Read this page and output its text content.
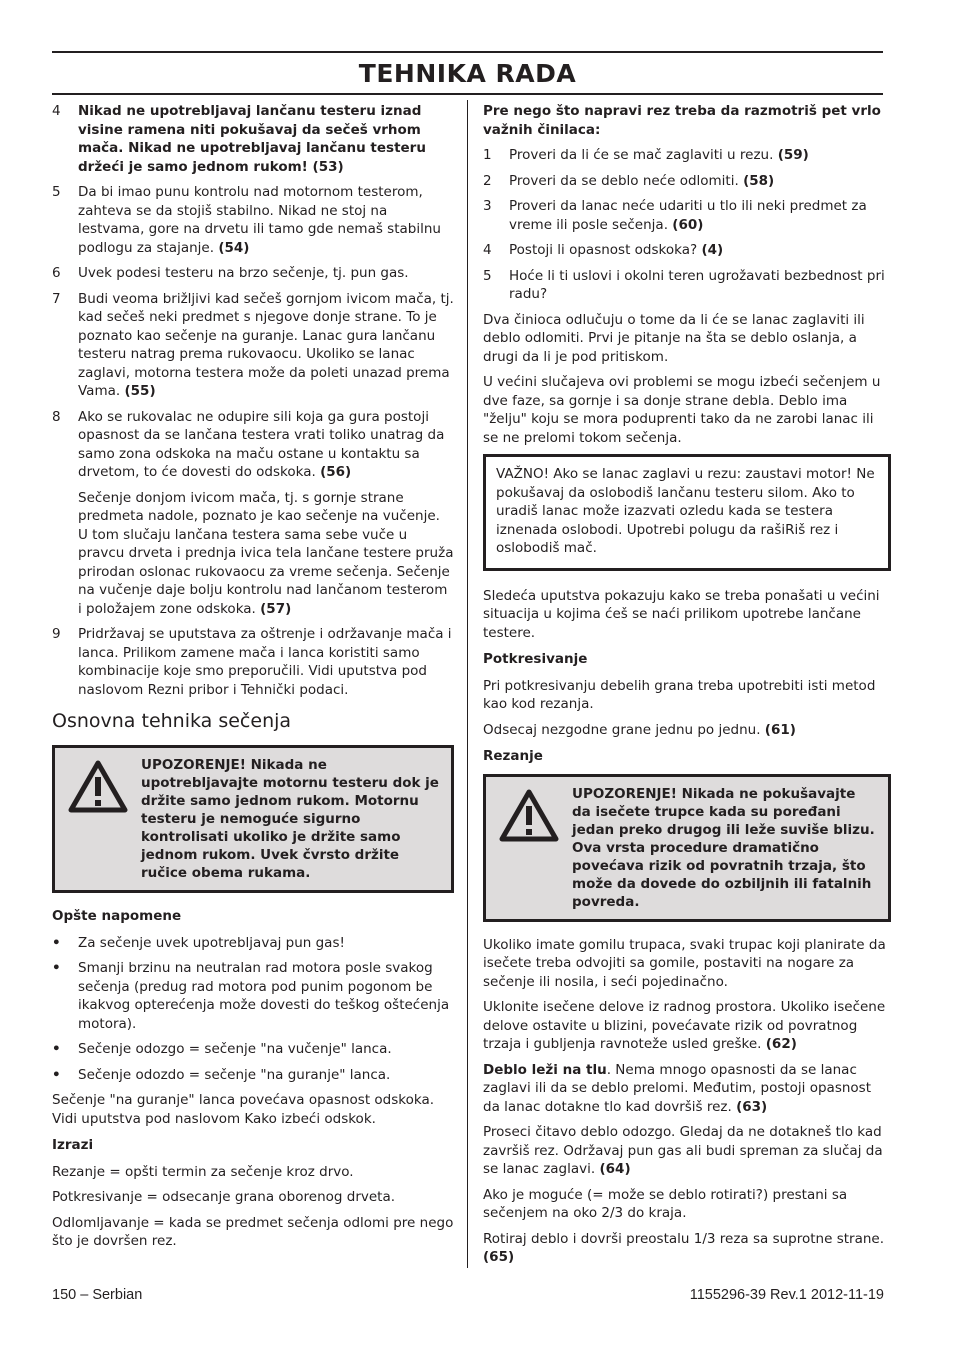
TEHNIKA RADA
4	Nikad ne upotrebljavaj lančanu testeru iznad visine ramena niti pokušavaj da sečeš vrhom mača. Nikad ne upotrebljavaj lančanu testeru držeći je samo jednom rukom! (53)
5	Da bi imao punu kontrolu nad motornom testerom, zahteva se da stojiš stabilno. Nikad ne stoj na lestvama, gore na drvetu ili tamo gde nemaš stabilnu podlogu za stajanje. (54)
6	Uvek podesi testeru na brzo sečenje, tj. pun gas.
7	Budi veoma brižljivi kad sečeš gornjom ivicom mača, tj. kad sečeš neki predmet s njegove donje strane. To je poznato kao sečenje na guranje. Lanac gura lančanu testeru natrag prema rukovaocu. Ukoliko se lanac zaglavi, motorna testera može da poleti unazad prema Vama. (55)
8	Ako se rukovalac ne odupire sili koja ga gura postoji opasnost da se lančana testera vrati toliko unatrag da samo zona odskoka na maču ostane u kontaktu sa drvetom, to će dovesti do odskoka. (56)

Sečenje donjom ivicom mača, tj. s gornje strane predmeta nadole, poznato je kao sečenje na vučenje. U tom slučaju lančana testera sama sebe vuče u pravcu drveta i prednja ivica tela lančane testere pruža prirodan oslonac rukovaocu za vreme sečenja. Sečenje na vučenje daje bolju kontrolu nad lančanom testerom i položajem zone odskoka. (57)

9	Pridržavaj se uputstava za oštrenje i održavanje mača i lanca. Prilikom zamene mača i lanca koristiti samo kombinacije koje smo preporučili. Vidi uputstva pod naslovom Rezni pribor i Tehnički podaci.
Osnovna tehnika sečenja
UPOZORENJE! Nikada ne upotrebljavajte motornu testeru dok je držite samo jednom rukom. Motornu testeru je nemoguće sigurno kontrolisati ukoliko je držite samo jednom rukom. Uvek čvrsto držite ručice obema rukama.
Opšte napomene
•	Za sečenje uvek upotrebljavaj pun gas!
•	Smanji brzinu na neutralan rad motora posle svakog sečenja (predug rad motora pod punim pogonom be ikakvog opterećenja može dovesti do teškog oštećenja motora).
•	Sečenje odozgo = sečenje "na vučenje" lanca.
•	Sečenje odozdo = sečenje "na guranje" lanca.

Sečenje "na guranje" lanca povećava opasnost odskoka. Vidi uputstva pod naslovom Kako izbeći odskok.

Izrazi

Rezanje = opšti termin za sečenje kroz drvo.

Potkresivanje = odsecanje grana oborenog drveta.

Odlomljavanje = kada se predmet sečenja odlomi pre nego što je dovršen rez.

Pre nego što napravi rez treba da razmotriš pet vrlo važnih činilaca:

1	Proveri da li će se mač zaglaviti u rezu. (59)
2	Proveri da se deblo neće odlomiti. (58)
3	Proveri da lanac neće udariti u tlo ili neki predmet za vreme ili posle sečenja. (60)
4	Postoji li opasnost odskoka? (4)
5	Hoće li ti uslovi i okolni teren ugrožavati bezbednost pri radu?

Dva činioca odlučuju o tome da li će se lanac zaglaviti ili deblo odlomiti. Prvi je pitanje na šta se deblo oslanja, a drugi da li je pod pritiskom.

U većini slučajeva ovi problemi se mogu izbeći sečenjem u dve faze, sa gornje i sa donje strane debla. Deblo ima "želju" koju se mora poduprenti tako da ne zarobi lanac ili se ne prelomi tokom sečenja.

VAŽNO! Ako se lanac zaglavi u rezu: zaustavi motor! Ne pokušavaj da oslobodiš lančanu testeru silom. Ako to uradiš lanac može izazvati ozledu kada se testera iznenada oslobodi. Upotrebi polugu da rašiRiš rez i oslobodiš mač.

Sledeća uputstva pokazuju kako se treba ponašati u većini situacija u kojima ćeš se naći prilikom upotrebe lančane testere.

Potkresivanje

Pri potkresivanju debelih grana treba upotrebiti isti metod kao kod rezanja.

Odsecaj nezgodne grane jednu po jednu. (61)

Rezanje
UPOZORENJE! Nikada ne pokušavajte da isečete trupce kada su poređani jedan preko drugog ili leže suviše blizu. Ova vrsta procedure dramatično povećava rizik od povratnih trzaja, što može da dovede do ozbiljnih ili fatalnih povreda.

Ukoliko imate gomilu trupaca, svaki trupac koji planirate da isečete treba odvojiti sa gomile, postaviti na nogare za sečenje ili nosila, i seći pojedinačno.

Uklonite isečene delove iz radnog prostora. Ukoliko isečene delove ostavite u blizini, povećavate rizik od povratnog trzaja i gubljenja ravnoteže usled greške. (62)

Deblo leži na tlu. Nema mnogo opasnosti da se lanac zaglavi ili da se deblo prelomi. Međutim, postoji opasnost da lanac dotakne tlo kad dovršiš rez. (63)

Proseci čitavo deblo odozgo. Gledaj da ne dotakneš tlo kad završiš rez. Održavaj pun gas ali budi spreman za slučaj da se lanac zaglavi. (64)

Ako je moguće (= može se deblo rotirati?) prestani sa sečenjem na oko 2/3 do kraja.

Rotiraj deblo i dovrši preostalu 1/3 reza sa suprotne strane. (65)

150 – Serbian	1155296-39 Rev.1 2012-11-19
